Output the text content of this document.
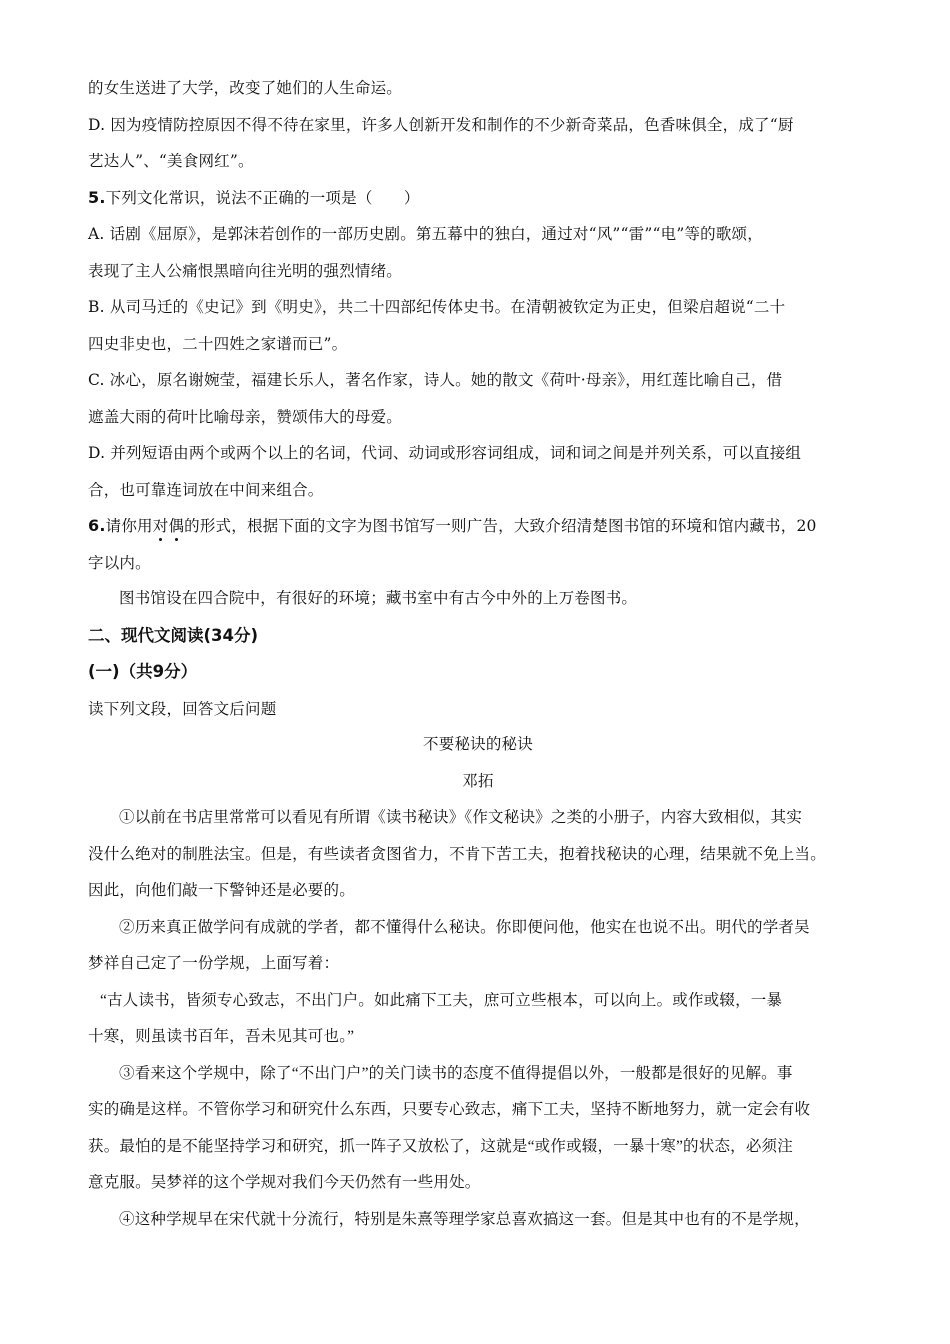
的女生送进了大学，改变了她们的人生命运。
D. 因为疫情防控原因不得不待在家里，许多人创新开发和制作的不少新奇菜品，色香味俱全，成了“厨
艺达人”、“美食网红”。
5.下列文化常识，说法不正确的一项是（　　）
A. 话剧《屈原》，是郭沫若创作的一部历史剧。第五幕中的独白，通过对“风”“雷”“电”等的歌颂，
表现了主人公痛恨黑暗向往光明的强烈情绪。
B. 从司马迁的《史记》到《明史》，共二十四部纪传体史书。在清朝被钦定为正史，但梁启超说“二十
四史非史也，二十四姓之家谱而已”。
C. 冰心，原名谢婉莹，福建长乐人，著名作家，诗人。她的散文《荷叶·母亲》，用红莲比喻自己，借
遮盖大雨的荷叶比喻母亲，赞颂伟大的母爱。
D. 并列短语由两个或两个以上的名词，代词、动词或形容词组成，词和词之间是并列关系，可以直接组
合，也可靠连词放在中间来组合。
6.请你用对偶的形式，根据下面的文字为图书馆写一则广告，大致介绍清楚图书馆的环境和馆内藏书，20
字以内。
图书馆设在四合院中，有很好的环境；藏书室中有古今中外的上万卷图书。
二、现代文阅读(34分)
(一)（共9分）
读下列文段，回答文后问题
不要秘诀的秘诀
邓拓
①以前在书店里常常可以看见有所谓《读书秘诀》《作文秘诀》之类的小册子，内容大致相似，其实
没什么绝对的制胜法宝。但是，有些读者贪图省力，不肯下苦工夫，抱着找秘诀的心理，结果就不免上当。
因此，向他们敲一下警钟还是必要的。
②历来真正做学问有成就的学者，都不懂得什么秘诀。你即便问他，他实在也说不出。明代的学者吴
梦祥自己定了一份学规，上面写着：
“古人读书，皆须专心致志，不出门户。如此痛下工夫，庶可立些根本，可以向上。或作或辍，一暴
十寒，则虽读书百年，吾未见其可也。”
③看来这个学规中，除了“不出门户”的关门读书的态度不值得提倡以外，一般都是很好的见解。事
实的确是这样。不管你学习和研究什么东西，只要专心致志，痛下工夫，坚持不断地努力，就一定会有收
获。最怕的是不能坚持学习和研究，抓一阵子又放松了，这就是“或作或辍，一暴十寒”的状态，必须注
意克服。吴梦祥的这个学规对我们今天仍然有一些用处。
④这种学规早在宋代就十分流行，特别是朱熹等理学家总喜欢搞这一套。但是其中也有的不是学规，
